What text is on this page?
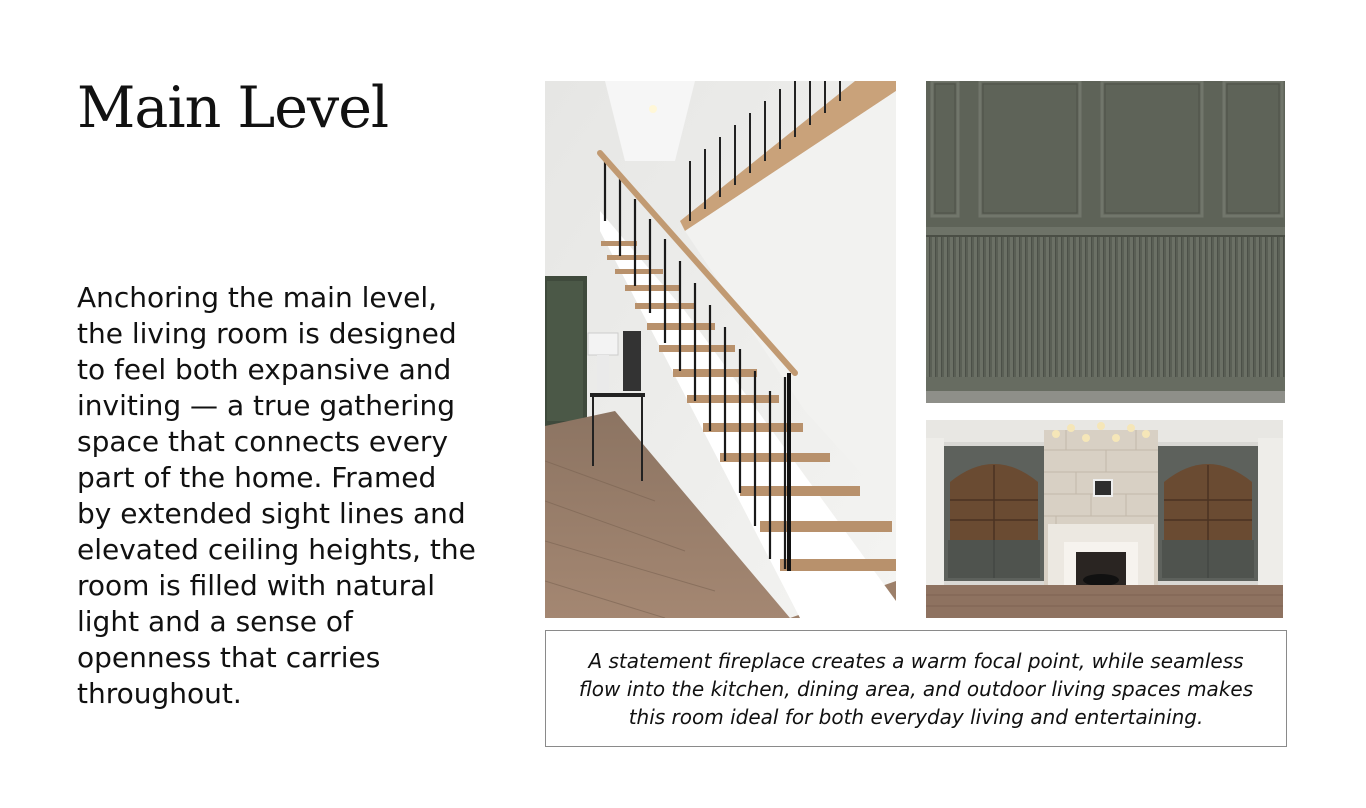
Main Level

Anchoring the main level, the living room is designed to feel both expansive and inviting — a true gathering space that connects every part of the home. Framed by extended sight lines and elevated ceiling heights, the room is filled with natural light and a sense of openness that carries throughout.

A statement fireplace creates a warm focal point, while seamless flow into the kitchen, dining area, and outdoor living spaces makes this room ideal for both everyday living and entertaining.
